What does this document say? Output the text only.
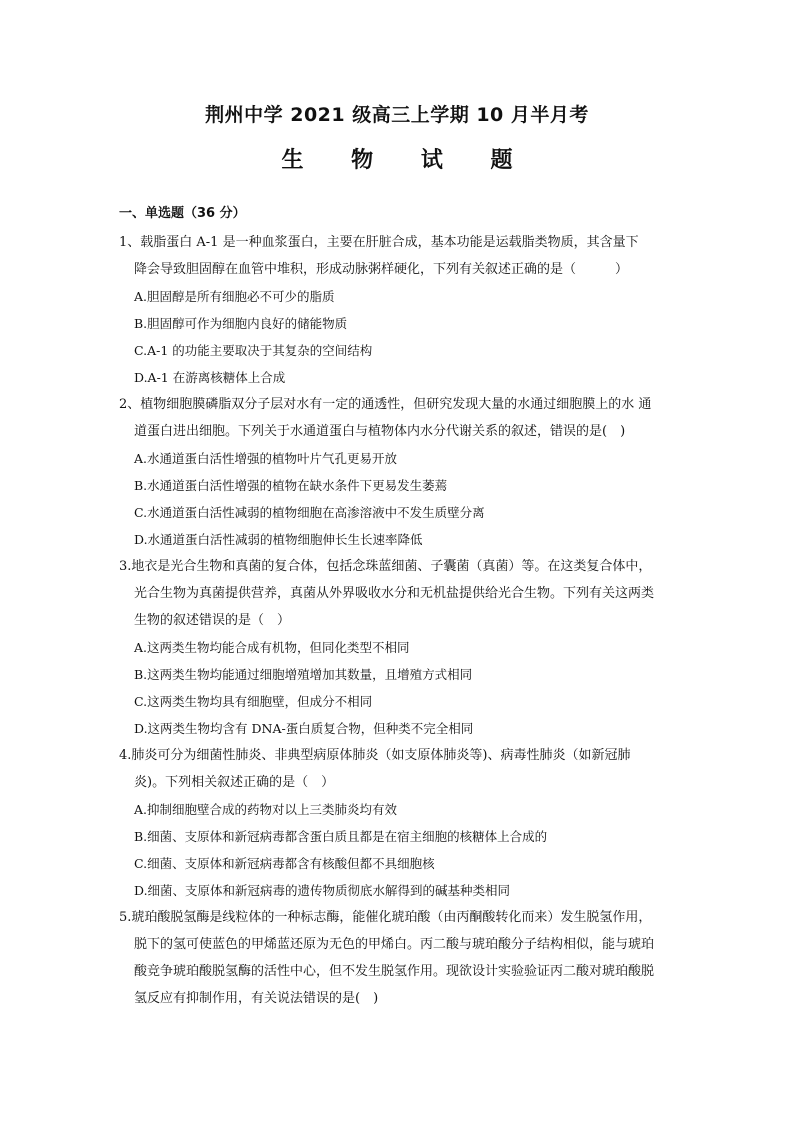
荆州中学 2021 级高三上学期 10 月半月考
生 物 试 题
一、单选题（36 分）
1、载脂蛋白 A-1 是一种血浆蛋白，主要在肝脏合成，基本功能是运载脂类物质，其含量下
降会导致胆固醇在血管中堆积，形成动脉粥样硬化，下列有关叙述正确的是（　　　）
A.胆固醇是所有细胞必不可少的脂质
B.胆固醇可作为细胞内良好的储能物质
C.A-1 的功能主要取决于其复杂的空间结构
D.A-1 在游离核糖体上合成
2、植物细胞膜磷脂双分子层对水有一定的通透性，但研究发现大量的水通过细胞膜上的水 通
道蛋白进出细胞。下列关于水通道蛋白与植物体内水分代谢关系的叙述，错误的是(　)
A.水通道蛋白活性增强的植物叶片气孔更易开放
B.水通道蛋白活性增强的植物在缺水条件下更易发生萎蔫
C.水通道蛋白活性减弱的植物细胞在高渗溶液中不发生质壁分离
D.水通道蛋白活性减弱的植物细胞伸长生长速率降低
3.地衣是光合生物和真菌的复合体，包括念珠蓝细菌、子囊菌（真菌）等。在这类复合体中，
光合生物为真菌提供营养，真菌从外界吸收水分和无机盐提供给光合生物。下列有关这两类
生物的叙述错误的是（　）
A.这两类生物均能合成有机物，但同化类型不相同
B.这两类生物均能通过细胞增殖增加其数量，且增殖方式相同
C.这两类生物均具有细胞壁，但成分不相同
D.这两类生物均含有 DNA-蛋白质复合物，但种类不完全相同
4.肺炎可分为细菌性肺炎、非典型病原体肺炎（如支原体肺炎等)、病毒性肺炎（如新冠肺
炎)。下列相关叙述正确的是（　）
A.抑制细胞壁合成的药物对以上三类肺炎均有效
B.细菌、支原体和新冠病毒都含蛋白质且都是在宿主细胞的核糖体上合成的
C.细菌、支原体和新冠病毒都含有核酸但都不具细胞核
D.细菌、支原体和新冠病毒的遗传物质彻底水解得到的碱基种类相同
5.琥珀酸脱氢酶是线粒体的一种标志酶，能催化琥珀酸（由丙酮酸转化而来）发生脱氢作用，
脱下的氢可使蓝色的甲烯蓝还原为无色的甲烯白。丙二酸与琥珀酸分子结构相似，能与琥珀
酸竞争琥珀酸脱氢酶的活性中心，但不发生脱氢作用。现欲设计实验验证丙二酸对琥珀酸脱
氢反应有抑制作用，有关说法错误的是(　)
